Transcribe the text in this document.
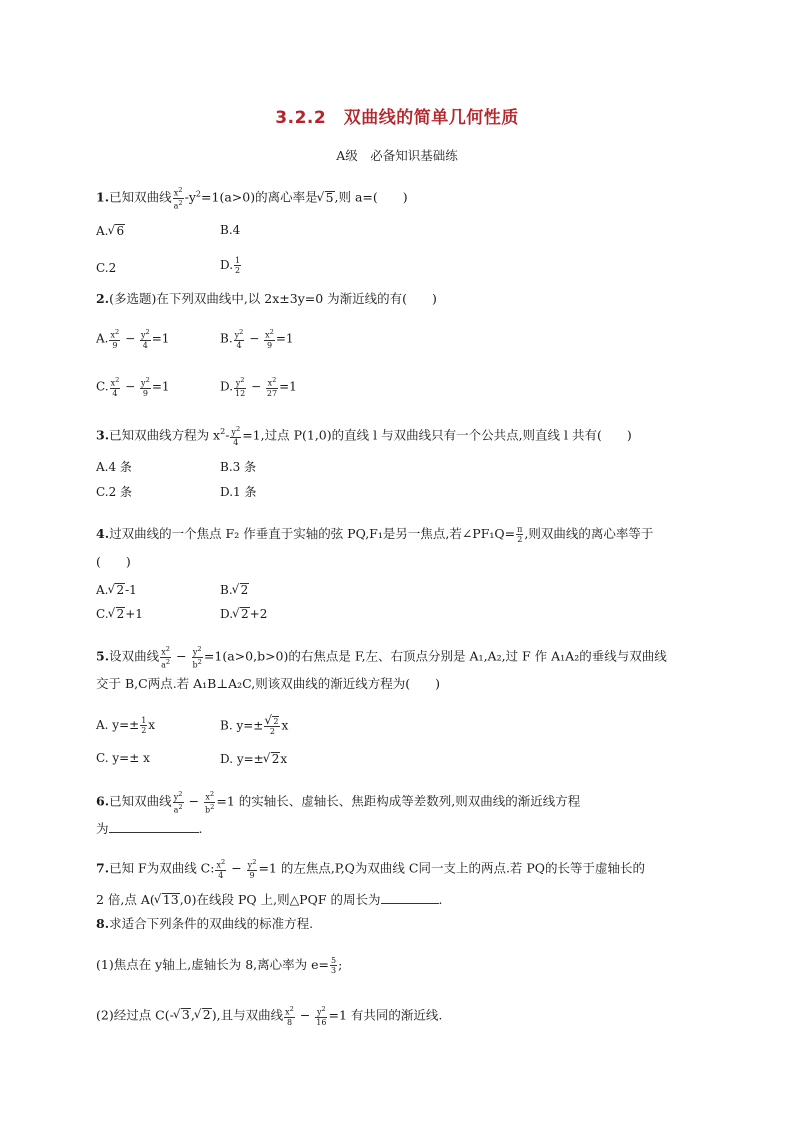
3.2.2　双曲线的简单几何性质
A级　必备知识基础练
1.已知双曲线 $\frac{x^2}{a^2} -y^2=1(a>0)$的离心率是 √ 5,则 a=(　　)
A. √ 6	B.4
C.2	D. $\frac{1}{2}$
2.(多选题)在下列双曲线中,以 2x±3y=0 为渐近线的有(　　)
A. $\frac{x^2}{9} - \frac{y^2}{4} =1$	B. $\frac{y^2}{4} - \frac{x^2}{9} =1$
C. $\frac{x^2}{4} - \frac{y^2}{9} =1$	D. $\frac{y^2}{12} - \frac{x^2}{27} =1$
3.已知双曲线方程为 $x^2- \frac{y^2}{4} =1$,过点 P(1,0)的直线 l 与双曲线只有一个公共点,则直线 l 共有(　　)
A.4 条	B.3 条
C.2 条	D.1 条
4.过双曲线的一个焦点 F₂ 作垂直于实轴的弦 PQ,F₁是另一焦点,若∠PF₁Q= $\frac{\pi}{2}$ ,则双曲线的离心率等于
(　　)
A. √ 2-1	B. √ 2
C. √ 2+1	D. √ 2+2
5.设双曲线 $\frac{x^2}{a^2} - \frac{y^2}{b^2} =1(a>0,b>0)$的右焦点是 F,左、右顶点分别是 A₁,A₂,过 F 作 A₁A₂的垂线与双曲线
交于 B,C两点.若 A₁B⊥A₂C,则该双曲线的渐近线方程为(　　)
A. $y=\pm \frac{1}{2}$ x	B. y=± √ $\frac{2}{2}$ x
C. y=± x	D. y=± √ 2x
6.已知双曲线 $\frac{y^2}{a^2} - \frac{x^2}{b^2} =1$ 的实轴长、虚轴长、焦距构成等差数列,则双曲线的渐近线方程
为	.
7.已知 F为双曲线 C: $\frac{x^2}{4} - \frac{y^2}{9} =1$ 的左焦点,P,Q为双曲线 C同一支上的两点.若 PQ的长等于虚轴长的
2 倍,点 A( √ 13,0)在线段 PQ 上,则△PQF 的周长为	.
8.求适合下列条件的双曲线的标准方程.
(1)焦点在 y轴上,虚轴长为 8,离心率为 $e= \frac{5}{3}$ ;
(2)经过点 C(- √ 3, √ 2),且与双曲线 $\frac{x^2}{8} - \frac{y^2}{16} =1$ 有共同的渐近线.
